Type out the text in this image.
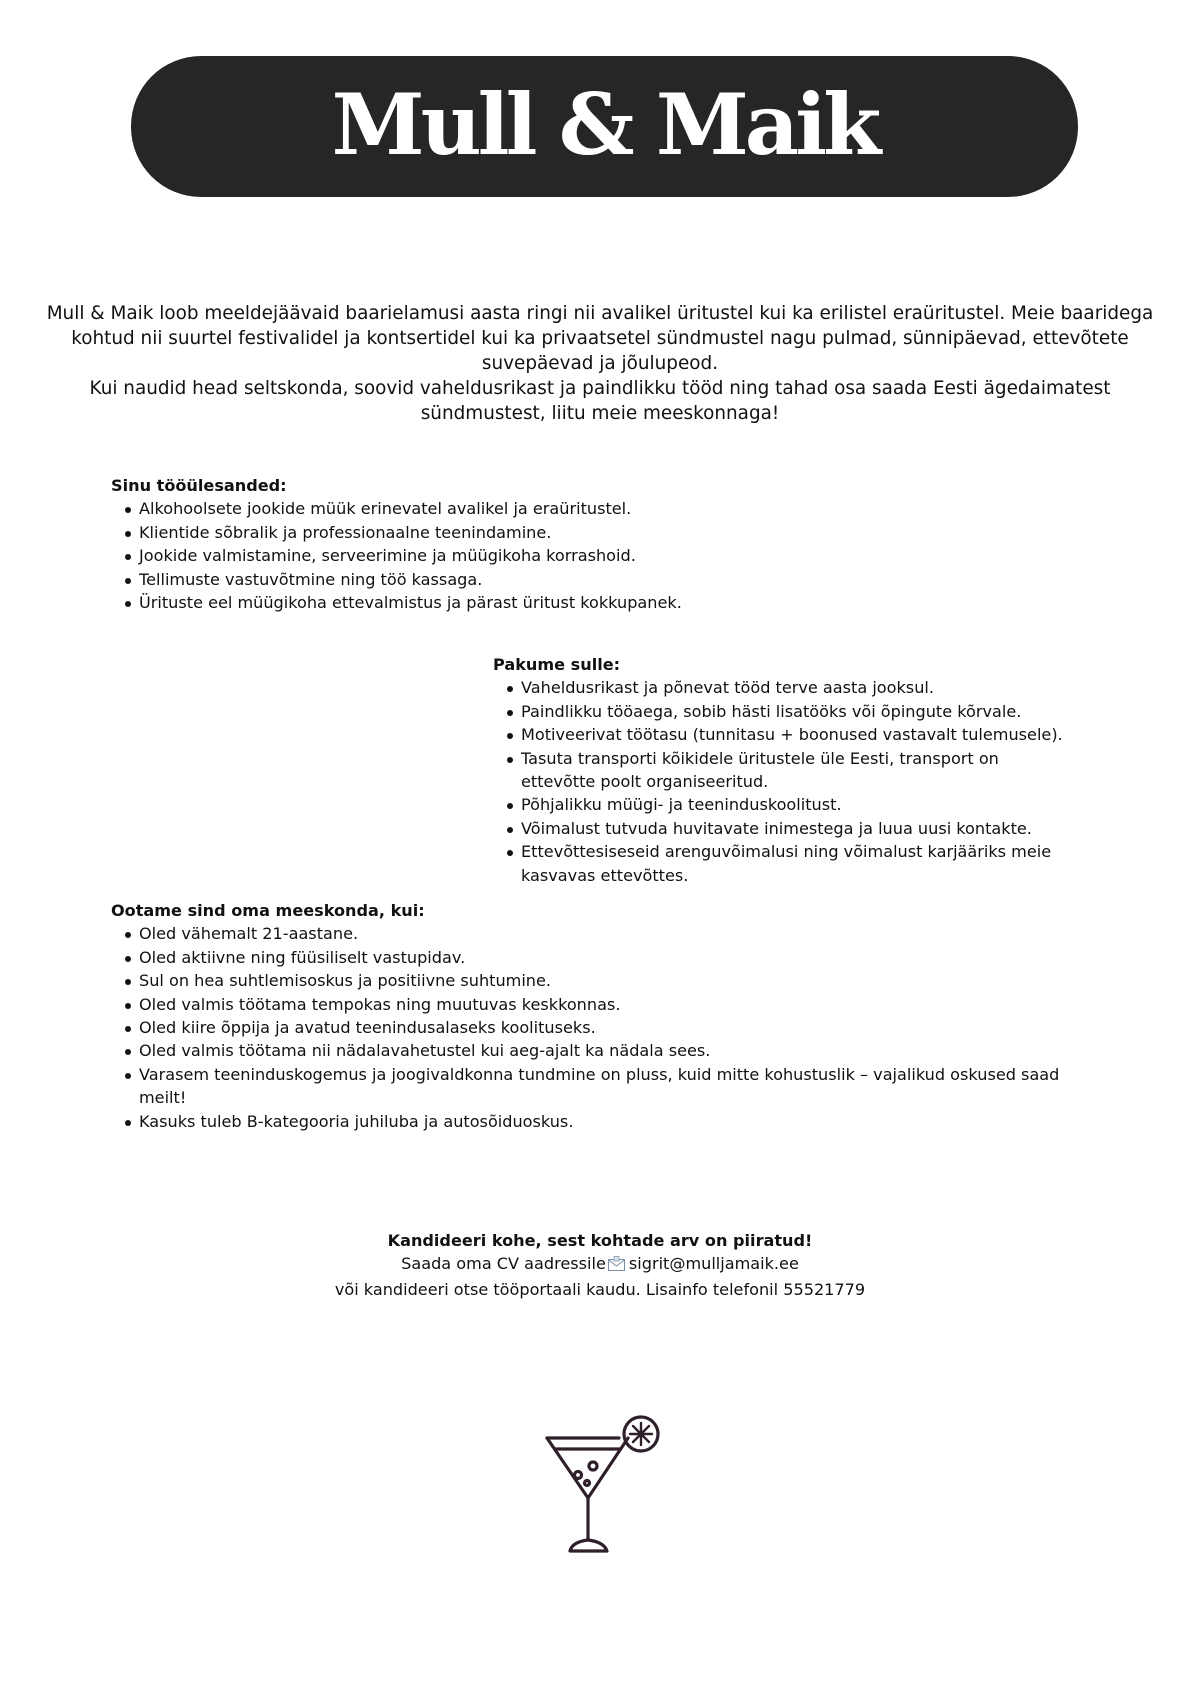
Mull & Maik

Mull & Maik loob meeldejäävaid baarielamusi aasta ringi nii avalikel üritustel kui ka erilistel eraüritustel. Meie baaridega kohtud nii suurtel festivalidel ja kontsertidel kui ka privaatsetel sündmustel nagu pulmad, sünnipäevad, ettevõtete suvepäevad ja jõulupeod.

Kui naudid head seltskonda, soovid vaheldusrikast ja paindlikku tööd ning tahad osa saada Eesti ägedaimatest sündmustest, liitu meie meeskonnaga!

Sinu tööülesanded:
Alkohoolsete jookide müük erinevatel avalikel ja eraüritustel.
Klientide sõbralik ja professionaalne teenindamine.
Jookide valmistamine, serveerimine ja müügikoha korrashoid.
Tellimuste vastuvõtmine ning töö kassaga.
Ürituste eel müügikoha ettevalmistus ja pärast üritust kokkupanek.
Pakume sulle:
Vaheldusrikast ja põnevat tööd terve aasta jooksul.
Paindlikku tööaega, sobib hästi lisatööks või õpingute kõrvale.
Motiveerivat töötasu (tunnitasu + boonused vastavalt tulemusele).
Tasuta transporti kõikidele üritustele üle Eesti, transport on ettevõtte poolt organiseeritud.
Põhjalikku müügi- ja teeninduskoolitust.
Võimalust tutvuda huvitavate inimestega ja luua uusi kontakte.
Ettevõttesiseseid arenguvõimalusi ning võimalust karjääriks meie kasvavas ettevõttes.
Ootame sind oma meeskonda, kui:
Oled vähemalt 21-aastane.
Oled aktiivne ning füüsiliselt vastupidav.
Sul on hea suhtlemisoskus ja positiivne suhtumine.
Oled valmis töötama tempokas ning muutuvas keskkonnas.
Oled kiire õppija ja avatud teenindusalaseks koolituseks.
Oled valmis töötama nii nädalavahetustel kui aeg-ajalt ka nädala sees.
Varasem teeninduskogemus ja joogivaldkonna tundmine on pluss, kuid mitte kohustuslik – vajalikud oskused saad meilt!
Kasuks tuleb B-kategooria juhiluba ja autosõiduoskus.

Kandideeri kohe, sest kohtade arv on piiratud!

Saada oma CV aadressile sigrit@mulljamaik.ee

või kandideeri otse tööportaali kaudu. Lisainfo telefonil 55521779
